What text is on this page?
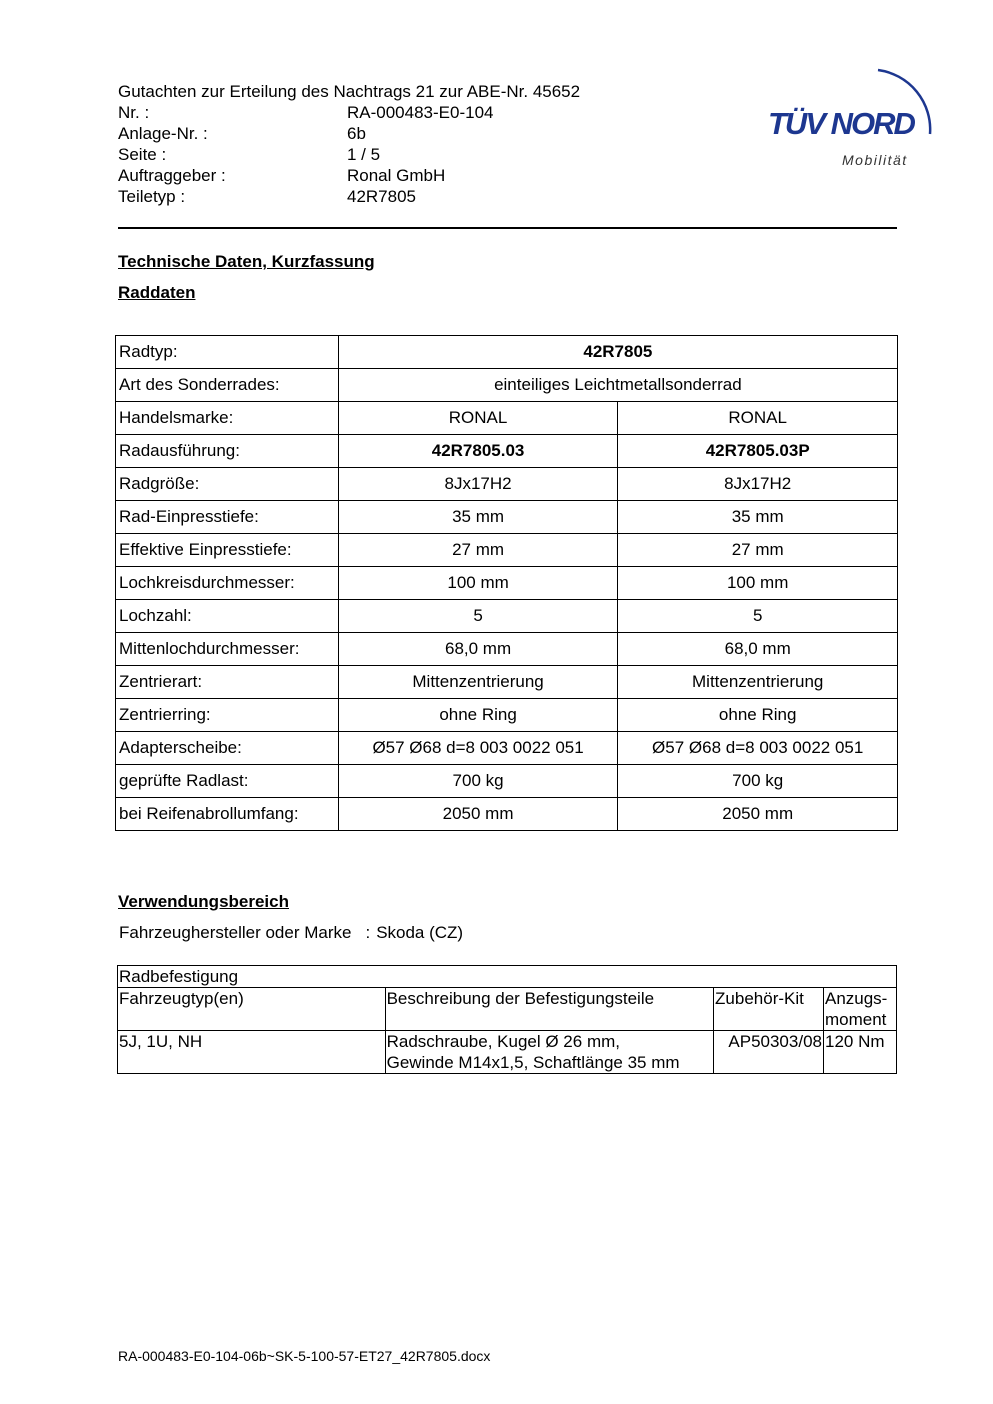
Gutachten zur Erteilung des Nachtrags 21 zur ABE-Nr. 45652
Nr. :	RA-000483-E0-104
Anlage-Nr. :	6b
Seite :	1 / 5
Auftraggeber :	Ronal GmbH
Teiletyp :	42R7805
TÜV NORD
Mobilität
Technische Daten, Kurzfassung
Raddaten
Radtyp:	42R7805	
Art des Sonderrades:	einteiliges Leichtmetallsonderrad	
Handelsmarke:	RONAL	RONAL
Radausführung:	42R7805.03	42R7805.03P
Radgröße:	8Jx17H2	8Jx17H2
Rad-Einpresstiefe:	35 mm	35 mm
Effektive Einpresstiefe:	27 mm	27 mm
Lochkreisdurchmesser:	100 mm	100 mm
Lochzahl:	5	5
Mittenlochdurchmesser:	68,0 mm	68,0 mm
Zentrierart:	Mittenzentrierung	Mittenzentrierung
Zentrierring:	ohne Ring	ohne Ring
Adapterscheibe:	Ø57 Ø68 d=8 003 0022 051	Ø57 Ø68 d=8 003 0022 051
geprüfte Radlast:	700 kg	700 kg
bei Reifenabrollumfang:	2050 mm	2050 mm
Verwendungsbereich
Fahrzeughersteller oder Marke : Skoda (CZ)
Radbefestigung			
Fahrzeugtyp(en)	Beschreibung der Befestigungsteile	Zubehör-Kit	Anzugs-
moment
5J, 1U, NH	Radschraube, Kugel Ø 26 mm,
Gewinde M14x1,5, Schaftlänge 35 mm	AP50303/08	120 Nm
RA-000483-E0-104-06b~SK-5-100-57-ET27_42R7805.docx
